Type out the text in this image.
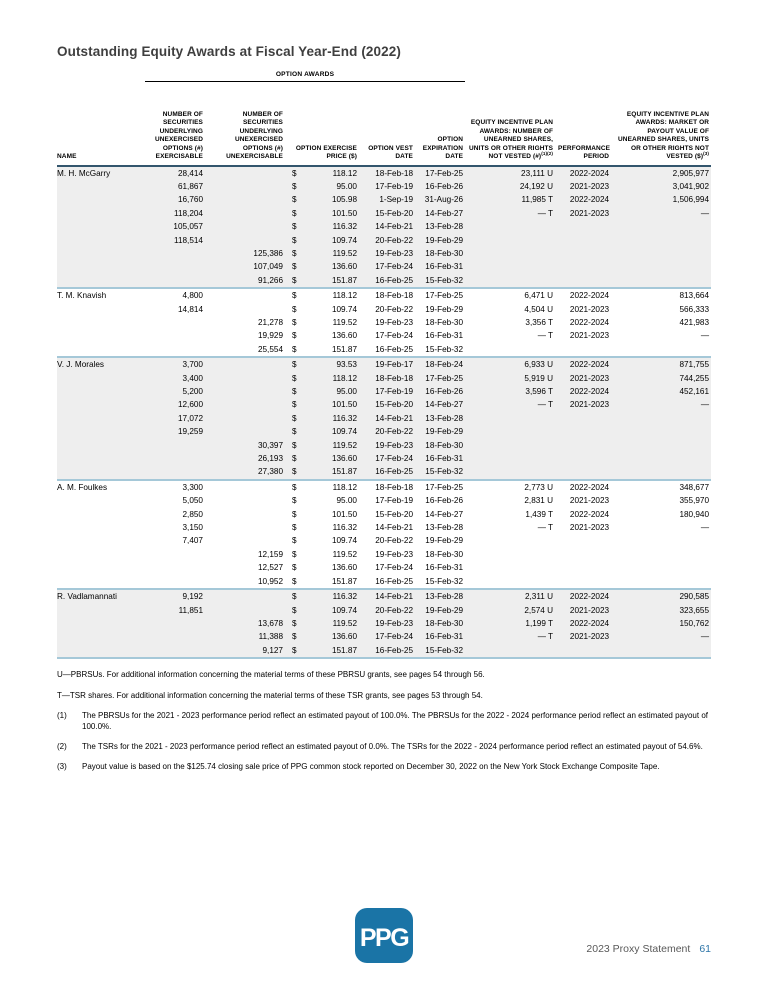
Outstanding Equity Awards at Fiscal Year-End (2022)
	OPTION AWARDS							
NAME	NUMBER OF SECURITIES UNDERLYING UNEXERCISED OPTIONS (#) EXERCISABLE	NUMBER OF SECURITIES UNDERLYING UNEXERCISED OPTIONS (#) UNEXERCISABLE	OPTION EXERCISE PRICE ($)	OPTION VEST DATE	OPTION EXPIRATION DATE	EQUITY INCENTIVE PLAN AWARDS: NUMBER OF UNEARNED SHARES, UNITS OR OTHER RIGHTS NOT VESTED (#)$^{(1)(2)}$	PERFORMANCE PERIOD	EQUITY INCENTIVE PLAN AWARDS: MARKET OR PAYOUT VALUE OF UNEARNED SHARES, UNITS OR OTHER RIGHTS NOT VESTED ($)$^{(3)}$
M. H. McGarry	28,414		$ 118.12	18-Feb-18	17-Feb-25	23,111 U	2022-2024	2,905,977
	61,867		$ 95.00	17-Feb-19	16-Feb-26	24,192 U	2021-2023	3,041,902
	16,760		$ 105.98	1-Sep-19	31-Aug-26	11,985 T	2022-2024	1,506,994
	118,204		$ 101.50	15-Feb-20	14-Feb-27	— T	2021-2023	—
	105,057		$ 116.32	14-Feb-21	13-Feb-28			
	118,514		$ 109.74	20-Feb-22	19-Feb-29			
		125,386	$ 119.52	19-Feb-23	18-Feb-30			
		107,049	$ 136.60	17-Feb-24	16-Feb-31			
		91,266	$ 151.87	16-Feb-25	15-Feb-32			
T. M. Knavish	4,800		$ 118.12	18-Feb-18	17-Feb-25	6,471 U	2022-2024	813,664
	14,814		$ 109.74	20-Feb-22	19-Feb-29	4,504 U	2021-2023	566,333
		21,278	$ 119.52	19-Feb-23	18-Feb-30	3,356 T	2022-2024	421,983
		19,929	$ 136.60	17-Feb-24	16-Feb-31	— T	2021-2023	—
		25,554	$ 151.87	16-Feb-25	15-Feb-32			
V. J. Morales	3,700		$ 93.53	19-Feb-17	18-Feb-24	6,933 U	2022-2024	871,755
	3,400		$ 118.12	18-Feb-18	17-Feb-25	5,919 U	2021-2023	744,255
	5,200		$ 95.00	17-Feb-19	16-Feb-26	3,596 T	2022-2024	452,161
	12,600		$ 101.50	15-Feb-20	14-Feb-27	— T	2021-2023	—
	17,072		$ 116.32	14-Feb-21	13-Feb-28			
	19,259		$ 109.74	20-Feb-22	19-Feb-29			
		30,397	$ 119.52	19-Feb-23	18-Feb-30			
		26,193	$ 136.60	17-Feb-24	16-Feb-31			
		27,380	$ 151.87	16-Feb-25	15-Feb-32			
A. M. Foulkes	3,300		$ 118.12	18-Feb-18	17-Feb-25	2,773 U	2022-2024	348,677
	5,050		$ 95.00	17-Feb-19	16-Feb-26	2,831 U	2021-2023	355,970
	2,850		$ 101.50	15-Feb-20	14-Feb-27	1,439 T	2022-2024	180,940
	3,150		$ 116.32	14-Feb-21	13-Feb-28	— T	2021-2023	—
	7,407		$ 109.74	20-Feb-22	19-Feb-29			
		12,159	$ 119.52	19-Feb-23	18-Feb-30			
		12,527	$ 136.60	17-Feb-24	16-Feb-31			
		10,952	$ 151.87	16-Feb-25	15-Feb-32			
R. Vadlamannati	9,192		$ 116.32	14-Feb-21	13-Feb-28	2,311 U	2022-2024	290,585
	11,851		$ 109.74	20-Feb-22	19-Feb-29	2,574 U	2021-2023	323,655
		13,678	$ 119.52	19-Feb-23	18-Feb-30	1,199 T	2022-2024	150,762
		11,388	$ 136.60	17-Feb-24	16-Feb-31	— T	2021-2023	—
		9,127	$ 151.87	16-Feb-25	15-Feb-32			
U—PBRSUs. For additional information concerning the material terms of these PBRSU grants, see pages 54 through 56.
T—TSR shares. For additional information concerning the material terms of these TSR grants, see pages 53 through 54.
(1) The PBRSUs for the 2021 - 2023 performance period reflect an estimated payout of 100.0%. The PBRSUs for the 2022 - 2024 performance period reflect an estimated payout of 100.0%.
(2) The TSRs for the 2021 - 2023 performance period reflect an estimated payout of 0.0%. The TSRs for the 2022 - 2024 performance period reflect an estimated payout of 54.6%.
(3) Payout value is based on the $125.74 closing sale price of PPG common stock reported on December 30, 2022 on the New York Stock Exchange Composite Tape.
PPG	2023 Proxy Statement 61
